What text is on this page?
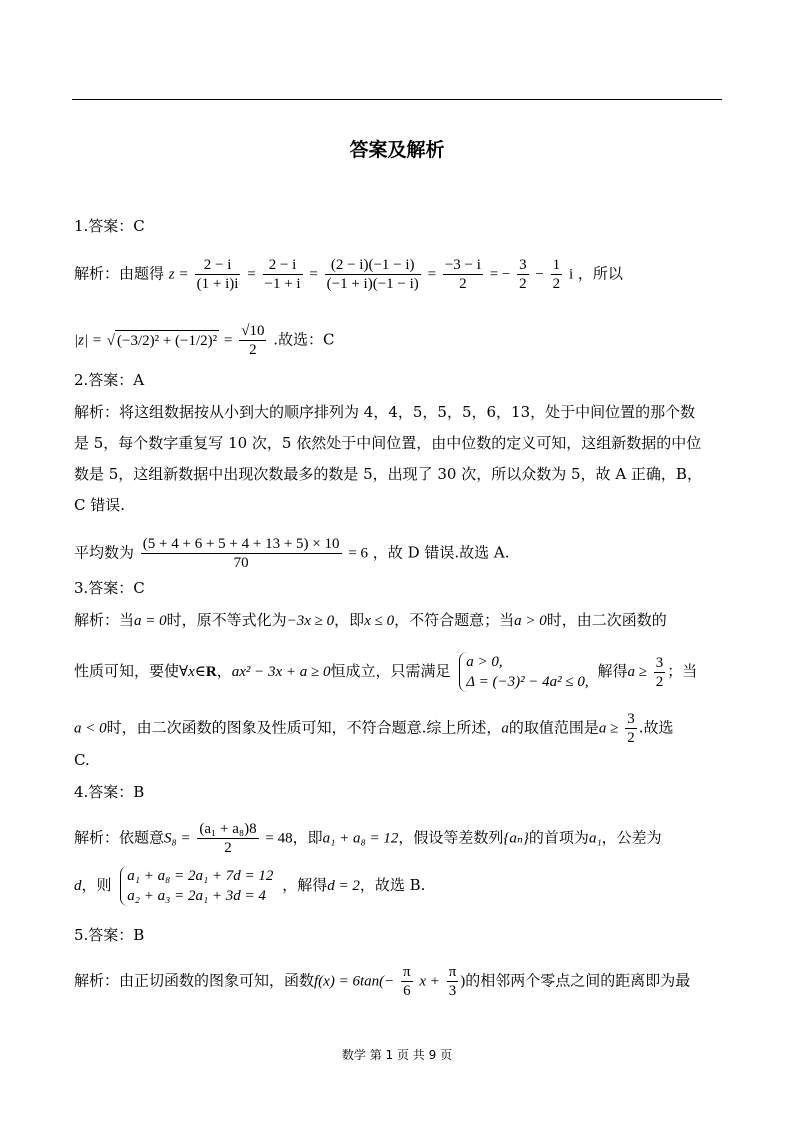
答案及解析
1.答案：C
解析：由题得 $z = \frac{2 - i}{(1 + i)i} = \frac{2 - i}{-1 + i} = \frac{(2 - i)(-1 - i)}{(-1 + i)(-1 - i)} = \frac{-3 - i}{2}$ = − $\frac{3}{2} - \frac{1}{2}$ i ，所以
|z| = √ $(-3/2)^2 + (-1/2)^2 = \frac{√10}{2}$ .故选：C
2.答案：A
解析：将这组数据按从小到大的顺序排列为 4，4，5，5，5，6，13，处于中间位置的那个数
是 5，每个数字重复写 10 次，5 依然处于中间位置，由中位数的定义可知，这组新数据的中位
数是 5，这组新数据中出现次数最多的数是 5，出现了 30 次，所以众数为 5，故 A 正确，B，
C 错误.
平均数为 $\frac{(5 + 4 + 6 + 5 + 4 + 13 + 5) \times 10}{70} = 6$ ，故 D 错误.故选 A.
3.答案：C
解析：当a = 0时，原不等式化为−3x ≥ 0，即x ≤ 0，不符合题意；当a > 0时，由二次函数的
性质可知，要使∀x∈R，ax² − 3x + a ≥ 0恒成立，只需满足 a > 0,
Δ = (−3)² − 4a² ≤ 0,
解得$a \ge \frac{3}{2}$ ；当
a < 0时，由二次函数的图象及性质可知，不符合题意.综上所述，a的取值范围是$a \ge \frac{3}{2}$ .故选
C.
4.答案：B
解析：依题意$S_8 = \frac{\text{(a₁ + a₈)8}}{2} = 48$，即a₁ + a₈ = 12，假设等差数列{aₙ}的首项为a₁，公差为
d，则 a₁ + a₈ = 2a₁ + 7d = 12
a₂ + a₃ = 2a₁ + 3d = 4
，解得d = 2，故选 B.
5.答案：B
解析：由正切函数的图象可知，函数$f(x) = 6\tan(- \frac{\pi}{6}$ $x + \frac{\pi}{3}$ )的相邻两个零点之间的距离即为最
数学 第 1 页 共 9 页
